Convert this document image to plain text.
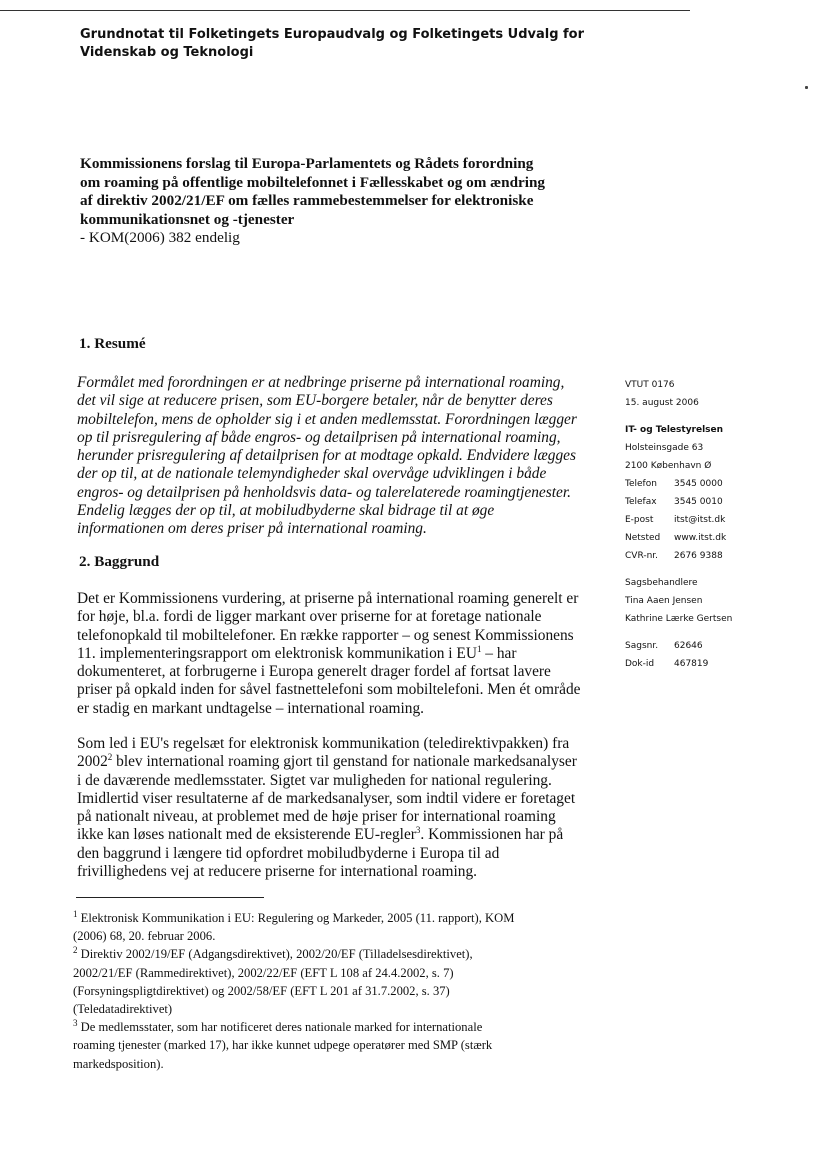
Grundnotat til Folketingets Europaudvalg og Folketingets Udvalg for
Videnskab og Teknologi
Kommissionens forslag til Europa-Parlamentets og Rådets forordning
om roaming på offentlige mobiltelefonnet i Fællesskabet og om ændring
af direktiv 2002/21/EF om fælles rammebestemmelser for elektroniske
kommunikationsnet og -tjenester
- KOM(2006) 382 endelig
1. Resumé
Formålet med forordningen er at nedbringe priserne på international roaming,
det vil sige at reducere prisen, som EU-borgere betaler, når de benytter deres
mobiltelefon, mens de opholder sig i et anden medlemsstat. Forordningen lægger
op til prisregulering af både engros- og detailprisen på international roaming,
herunder prisregulering af detailprisen for at modtage opkald. Endvidere lægges
der op til, at de nationale telemyndigheder skal overvåge udviklingen i både
engros- og detailprisen på henholdsvis data- og talerelaterede roamingtjenester.
Endelig lægges der op til, at mobiludbyderne skal bidrage til at øge
informationen om deres priser på international roaming.
2. Baggrund
Det er Kommissionens vurdering, at priserne på international roaming generelt er
for høje, bl.a. fordi de ligger markant over priserne for at foretage nationale
telefonopkald til mobiltelefoner. En række rapporter – og senest Kommissionens
11. implementeringsrapport om elektronisk kommunikation i $EU^1$ – har
dokumenteret, at forbrugerne i Europa generelt drager fordel af fortsat lavere
priser på opkald inden for såvel fastnettelefoni som mobiltelefoni. Men ét område
er stadig en markant undtagelse – international roaming.
Som led i EU's regelsæt for elektronisk kommunikation (teledirektivpakken) fra
2002$^2$ blev international roaming gjort til genstand for nationale markedsanalyser
i de daværende medlemsstater. Sigtet var muligheden for national regulering.
Imidlertid viser resultaterne af de markedsanalyser, som indtil videre er foretaget
på nationalt niveau, at problemet med de høje priser for international roaming
ikke kan løses nationalt med de eksisterende EU-regler$^3$. Kommissionen har på
den baggrund i længere tid opfordret mobiludbyderne i Europa til ad
frivillighedens vej at reducere priserne for international roaming.
$^1$ Elektronisk Kommunikation i EU: Regulering og Markeder, 2005 (11. rapport), KOM
(2006) 68, 20. februar 2006.
$^2$ Direktiv 2002/19/EF (Adgangsdirektivet), 2002/20/EF (Tilladelsesdirektivet),
2002/21/EF (Rammedirektivet), 2002/22/EF (EFT L 108 af 24.4.2002, s. 7)
(Forsyningspligtdirektivet) og 2002/58/EF (EFT L 201 af 31.7.2002, s. 37)
(Teledatadirektivet)
$^3$ De medlemsstater, som har notificeret deres nationale marked for internationale
roaming tjenester (marked 17), har ikke kunnet udpege operatører med SMP (stærk
markedsposition).
VTUT 0176
15. august 2006
IT- og Telestyrelsen
Holsteinsgade 63
2100 København Ø
Telefon	3545 0000
Telefax	3545 0010
E-post	itst@itst.dk
Netsted	www.itst.dk
CVR-nr.	2676 9388
Sagsbehandlere
Tina Aaen Jensen
Kathrine Lærke Gertsen
Sagsnr.	62646
Dok-id	467819
